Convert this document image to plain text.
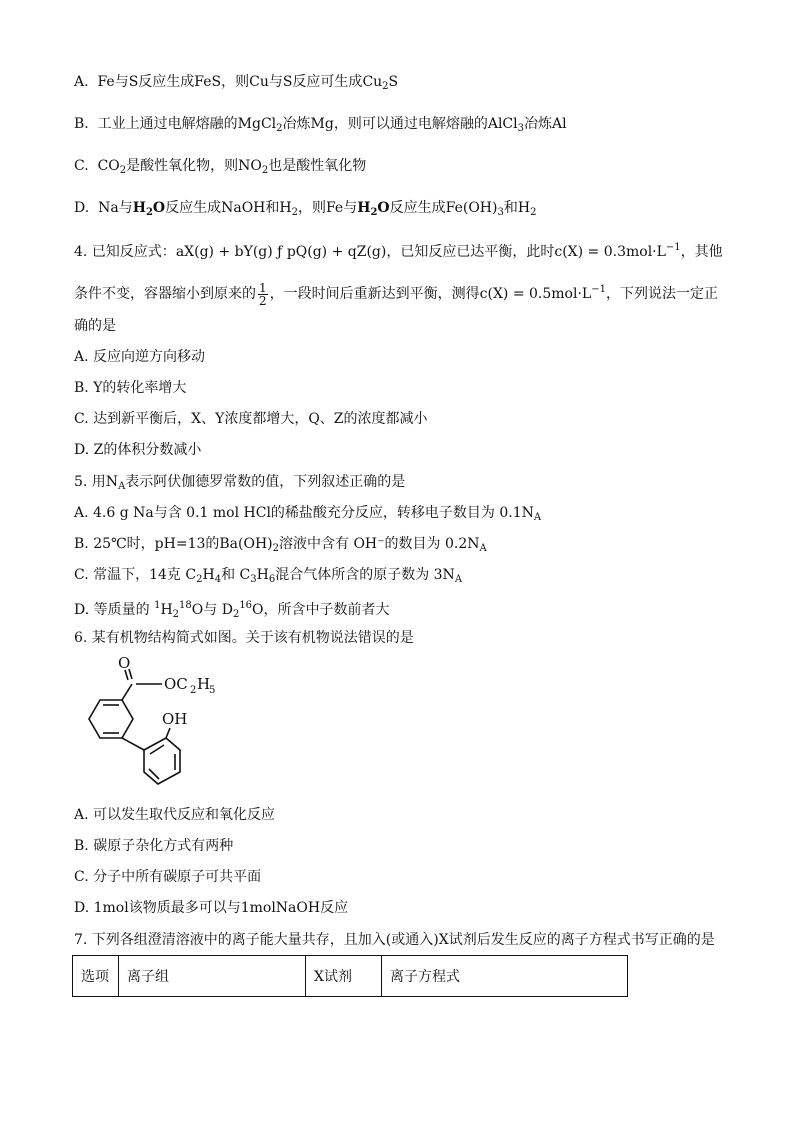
A. Fe与S反应生成FeS，则Cu与S反应可生成$Cu_2S$
B. 工业上通过电解熔融的MgCl$_2$冶炼Mg，则可以通过电解熔融的AlCl$_3$冶炼Al
C. $CO_2$是酸性氧化物，则$NO_2$也是酸性氧化物
D. Na与$H_2O$反应生成NaOH和$H_2$，则Fe与$H_2O$反应生成$Fe(OH)_3$和$H_2$
4. 已知反应式：aX(g) + bY(g) ƒ pQ(g) + qZ(g)，已知反应已达平衡，此时$c(X) = 0.3mol\cdot L^{-1}$，其他
条件不变，容器缩小到原来的 $\frac{1}{2}$ ，一段时间后重新达到平衡，测得$c(X) = 0.5mol\cdot L^{-1}$，下列说法一定正
确的是
A. 反应向逆方向移动
B. Y的转化率增大
C. 达到新平衡后，X、Y浓度都增大，Q、Z的浓度都减小
D. Z的体积分数减小
5. 用$N_A$表示阿伏伽德罗常数的值，下列叙述正确的是
A. 4.6 g Na与含 0.1 mol HCl的稀盐酸充分反应，转移电子数目为 $0.1N_A$
B. 25℃时，pH=13的$Ba(OH)_2$溶液中含有 OH⁻的数目为 $0.2N_A$
C. 常温下，14克 $C_2H_4$和 $C_3H_6$混合气体所含的原子数为 $3N_A$
D. 等质量的 $^1H_2^{18}O$与 $D_2^{16}O$，所含中子数前者大
6. 某有机物结构简式如图。关于该有机物说法错误的是
O
OC 2 H
5
OH
A. 可以发生取代反应和氧化反应
B. 碳原子杂化方式有两种
C. 分子中所有碳原子可共平面
D. 1mol该物质最多可以与1molNaOH反应
7. 下列各组澄清溶液中的离子能大量共存，且加入(或通入)X试剂后发生反应的离子方程式书写正确的是
选项	离子组	X试剂	离子方程式
